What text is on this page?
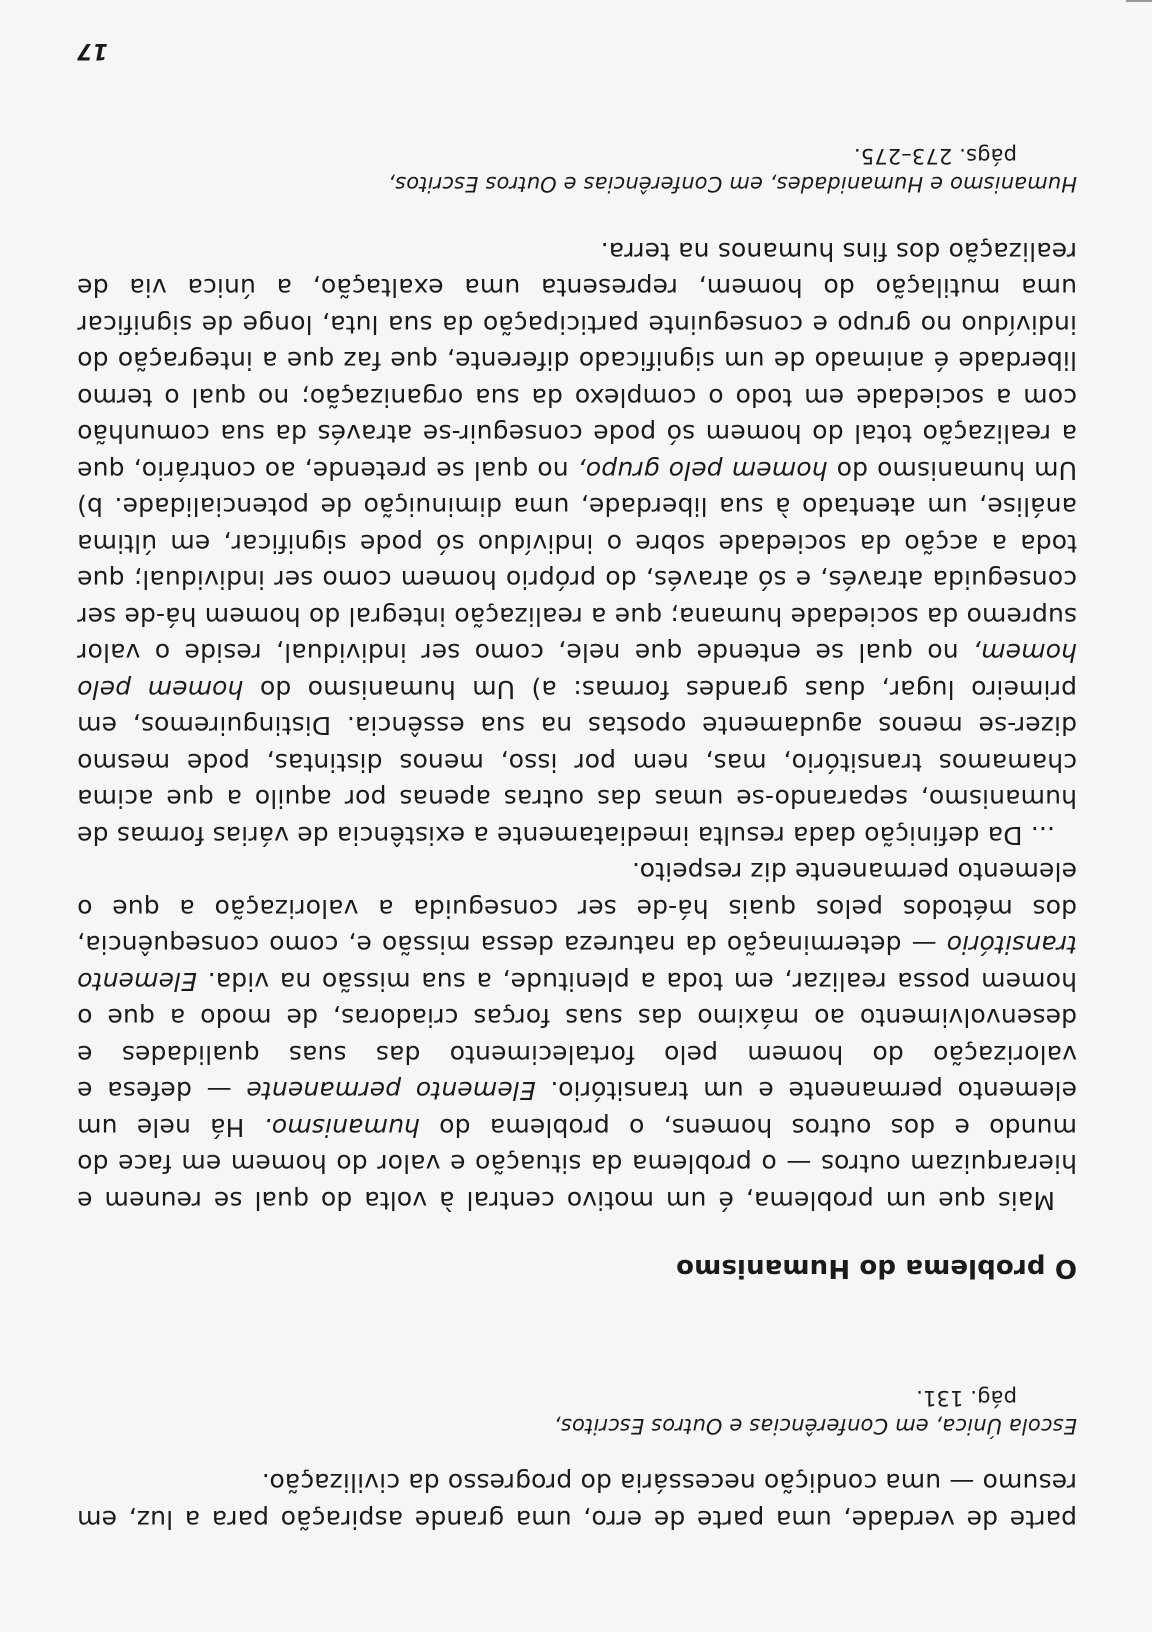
parte de verdade, uma parte de erro, uma grande aspiração para a luz, em resumo — uma condição necessária do progresso da civilização.

Escola Única, em Conferências e Outros Escritos,
pág. 131.
O problema do Humanismo

Mais que um problema, é um motivo central à volta do qual se reunem e hierarquizam outros — o problema da situação e valor do homem em face do mundo e dos outros homens, o problema do humanismo. Há nele um elemento permanente e um transitório. Elemento permanente — defesa e valorização do homem pelo fortalecimento das suas qualidades e desenvolvimento ao máximo das suas forças criadoras, de modo a que o homem possa realizar, em toda a plenitude, a sua missão na vida. Elemento transitório — determinação da natureza dessa missão e, como consequência, dos métodos pelos quais há-de ser conseguida a valorização a que o elemento permanente diz respeito.

... Da definição dada resulta imediatamente a existência de várias formas de humanismo, separando-se umas das outras apenas por aquilo a que acima chamamos transitório, mas, nem por isso, menos distintas, pode mesmo dizer-se menos agudamente opostas na sua essência. Distinguiremos, em primeiro lugar, duas grandes formas: a) Um humanismo do homem pelo homem, no qual se entende que nele, como ser individual, reside o valor supremo da sociedade humana; que a realização integral do homem há-de ser conseguida através, e só através, do próprio homem como ser individual; que toda a acção da sociedade sobre o indivíduo só pode significar, em última análise, um atentado à sua liberdade, uma diminuição de potencialidade. b) Um humanismo do homem pelo grupo, no qual se pretende, ao contrário, que a realização total do homem só pode conseguir-se através da sua comunhão com a sociedade em todo o complexo da sua organização; no qual o termo liberdade é animado de um significado diferente, que faz que a integração do indivíduo no grupo e conseguinte participação da sua luta, longe de significar uma mutilação do homem, representa uma exaltação, a única via de realização dos fins humanos na terra.

Humanismo e Humanidades, em Conferências e Outros Escritos,
págs. 273–275.
17
